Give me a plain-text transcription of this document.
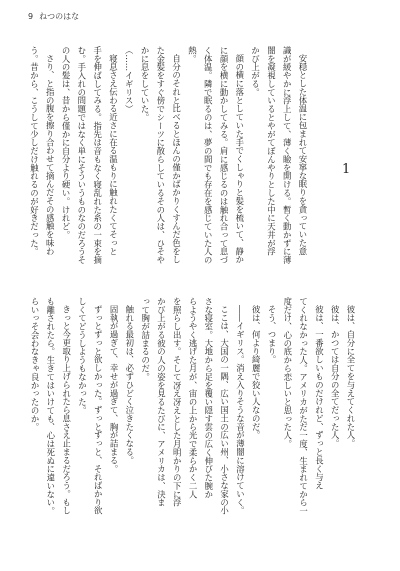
9 ねつのはな
1
安穏とした体温に包まれて安寧な眠りを貪っていた意
識が緩やかに浮上して、薄く瞼を開ける。暫く動かずに薄
闇を凝視しているとやがてぼんやりとした中に天井が浮
かび上がる。
顔の横に落としていた手でくしゃりと髪を梳いて、静か
に顔を横に動かしてみる。肩に感じるのは触れ合って息づ
く体温。隣で眠るのは、夢の間でも存在を感じていた人の
熱。
自分のそれと比べるとほんの僅かばかりくすんだ色をし
た金髪をすぐ傍でシーツに散らしているその人は、ひそや
かに息をしていた。
（……イギリス）
寝息さえ伝わる近さに在る温もりに触れたくてそっと
手を伸ばしてみる。指先は音もなく寝乱れた糸の一束を摘
む。手入れの問題ではなく単にそういうものなのだろうそ
の人の髪は、昔から僅かに自分より硬い。けれど。
さり、と指の腹を擦り合わせて摘んだその感触を味わ
う。昔から、こうして少しだけ触れるのが好きだった。
彼は、自分に全てを与えてくれた人。
彼は、かつては自分の全てだった人。
彼は、一番欲しいものだけれど、ずっと長く与え
てくれなかった人。アメリカがただ一度、生まれてから一
度だけ、心の底から恋しいと思った人。
そう、つまり。
彼は、何より綺麗で狡い人なのだ。
――イギリス。消え入りそうな音が薄闇に溶けていく。
ここは、大国の一隅、広い国土の広い州、小さな家の小
さな寝室。大地から足を覆い隠す雲の広く伸びた腕か
らようやく逃げた月が、宙の上から光で柔らかく二人
を照らし出す。そして冴え冴えとした月明かりの下に浮
かび上がる彼の人の姿を見るたびに、アメリカは、決ま
って胸が詰まるのだ。
触れる最初は、必ずひどく泣きたくなる。
固執が過ぎて、幸せが過ぎて、胸が詰まる。
ずっとずっと欲しかった。ずっとずっと、そればかり欲
しくてどうしようもなかった。
きっと今更取り上げられたら息さえ止まるだろう。もし
も離されたら。生きてはいけても、心は死ぬに違いない。
らいっそ会わなきゃ良かったのか。
